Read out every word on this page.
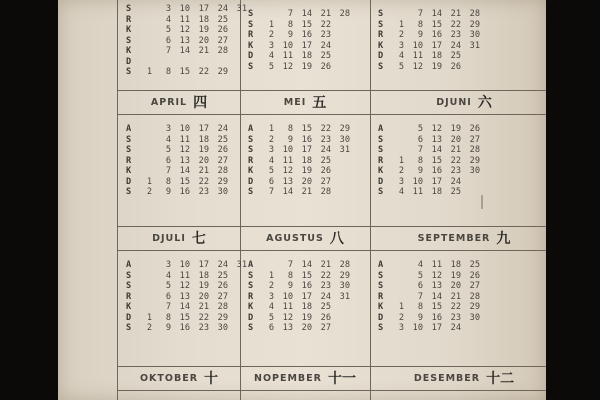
S	3	10	17	24	31
R	4	11	18	25
K	5	12	19	26
S	6	13	20	27
K	7	14	21	28
D
S	1	8	15	22	29
S	7	14	21	28
S	1	8	15	22
R	2	9	16	23
K	3	10	17	24
D	4	11	18	25
S	5	12	19	26
S	7	14	21	28
S	1	8	15	22	29
R	2	9	16	23	30
K	3	10	17	24	31
D	4	11	18	25
S	5	12	19	26
APRIL 四
A	3	10	17	24
S	4	11	18	25
S	5	12	19	26
R	6	13	20	27
K	7	14	21	28
D	1	8	15	22	29
S	2	9	16	23	30
MEI 五
A	1	8	15	22	29
S	2	9	16	23	30
S	3	10	17	24	31
R	4	11	18	25
K	5	12	19	26
D	6	13	20	27
S	7	14	21	28
DJUNI 六
A	5	12	19	26
S	6	13	20	27
S	7	14	21	28
R	1	8	15	22	29
K	2	9	16	23	30
D	3	10	17	24
S	4	11	18	25
DJULI 七
A	3	10	17	24	31
S	4	11	18	25
S	5	12	19	26
R	6	13	20	27
K	7	14	21	28
D	1	8	15	22	29
S	2	9	16	23	30
AGUSTUS 八
A	7	14	21	28
S	1	8	15	22	29
S	2	9	16	23	30
R	3	10	17	24	31
K	4	11	18	25
D	5	12	19	26
S	6	13	20	27
SEPTEMBER 九
A	4	11	18	25
S	5	12	19	26
S	6	13	20	27
R	7	14	21	28
K	1	8	15	22	29
D	2	9	16	23	30
S	3	10	17	24
OKTOBER 十	NOPEMBER 十一	DESEMBER 十二
